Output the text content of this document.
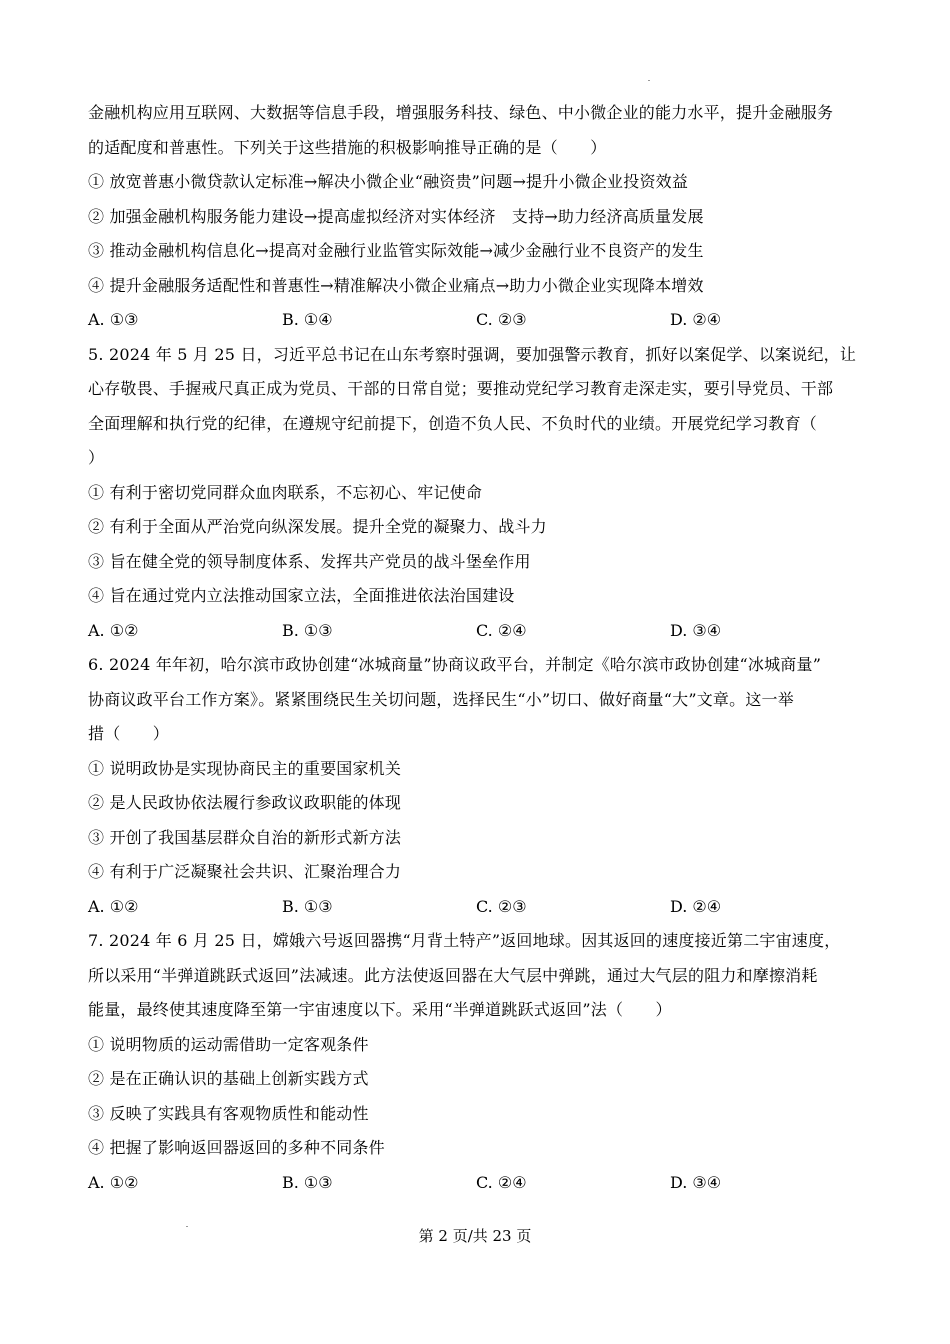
金融机构应用互联网、大数据等信息手段，增强服务科技、绿色、中小微企业的能力水平，提升金融服务
的适配度和普惠性。下列关于这些措施的积极影响推导正确的是（　　）
① 放宽普惠小微贷款认定标准→解决小微企业“融资贵”问题→提升小微企业投资效益
② 加强金融机构服务能力建设→提高虚拟经济对实体经济　支持→助力经济高质量发展
③ 推动金融机构信息化→提高对金融行业监管实际效能→减少金融行业不良资产的发生
④ 提升金融服务适配性和普惠性→精准解决小微企业痛点→助力小微企业实现降本增效
A. ①③	B. ①④	C. ②③	D. ②④
5. 2024 年 5 月 25 日，习近平总书记在山东考察时强调，要加强警示教育，抓好以案促学、以案说纪，让
心存敬畏、手握戒尺真正成为党员、干部的日常自觉；要推动党纪学习教育走深走实，要引导党员、干部
全面理解和执行党的纪律，在遵规守纪前提下，创造不负人民、不负时代的业绩。开展党纪学习教育（
）
① 有利于密切党同群众血肉联系，不忘初心、牢记使命
② 有利于全面从严治党向纵深发展。提升全党的凝聚力、战斗力
③ 旨在健全党的领导制度体系、发挥共产党员的战斗堡垒作用
④ 旨在通过党内立法推动国家立法，全面推进依法治国建设
A. ①②	B. ①③	C. ②④	D. ③④
6. 2024 年年初，哈尔滨市政协创建“冰城商量”协商议政平台，并制定《哈尔滨市政协创建“冰城商量”
协商议政平台工作方案》。紧紧围绕民生关切问题，选择民生“小”切口、做好商量“大”文章。这一举
措（　　）
① 说明政协是实现协商民主的重要国家机关
② 是人民政协依法履行参政议政职能的体现
③ 开创了我国基层群众自治的新形式新方法
④ 有利于广泛凝聚社会共识、汇聚治理合力
A. ①②	B. ①③	C. ②③	D. ②④
7. 2024 年 6 月 25 日，嫦娥六号返回器携“月背土特产”返回地球。因其返回的速度接近第二宇宙速度，
所以采用“半弹道跳跃式返回”法减速。此方法使返回器在大气层中弹跳，通过大气层的阻力和摩擦消耗
能量，最终使其速度降至第一宇宙速度以下。采用“半弹道跳跃式返回”法（　　）
① 说明物质的运动需借助一定客观条件
② 是在正确认识的基础上创新实践方式
③ 反映了实践具有客观物质性和能动性
④ 把握了影响返回器返回的多种不同条件
A. ①②	B. ①③	C. ②④	D. ③④
第 2 页/共 23 页
